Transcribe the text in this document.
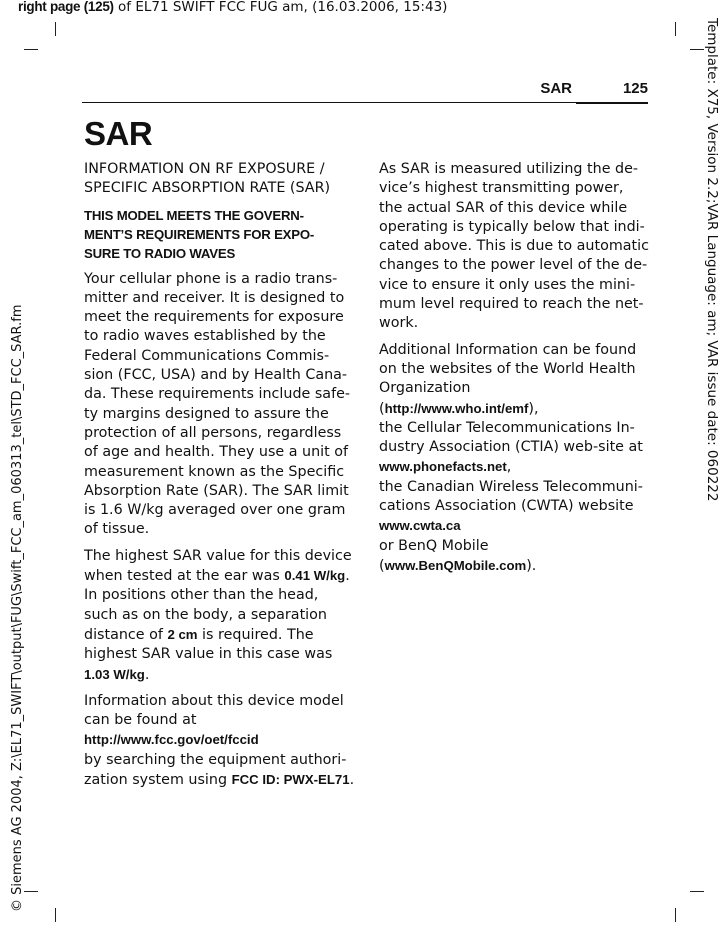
right page (125) of EL71 SWIFT FCC FUG am, (16.03.2006, 15:43)
© Siemens AG 2004, Z:\EL71_SWIFT\output\FUG\Swift_FCC_am_060313_tel\STD_FCC_SAR.fm
Template: X75, Version 2.2;VAR Language: am; VAR issue date: 060222
SAR	125
SAR

INFORMATION ON RF EXPOSURE /
SPECIFIC ABSORPTION RATE (SAR)

THIS MODEL MEETS THE GOVERN-
MENT’S REQUIREMENTS FOR EXPO-
SURE TO RADIO WAVES

Your cellular phone is a radio trans-
mitter and receiver. It is designed to
meet the requirements for exposure
to radio waves established by the
Federal Communications Commis-
sion (FCC, USA) and by Health Cana-
da. These requirements include safe-
ty margins designed to assure the
protection of all persons, regardless
of age and health. They use a unit of
measurement known as the Specific
Absorption Rate (SAR). The SAR limit
is 1.6 W/kg averaged over one gram
of tissue.

The highest SAR value for this device
when tested at the ear was 0.41 W/kg.
In positions other than the head,
such as on the body, a separation
distance of 2 cm is required. The
highest SAR value in this case was
1.03 W/kg.

Information about this device model
can be found at
http://www.fcc.gov/oet/fccid
by searching the equipment authori-
zation system using FCC ID: PWX-EL71.

As SAR is measured utilizing the de-
vice’s highest transmitting power,
the actual SAR of this device while
operating is typically below that indi-
cated above. This is due to automatic
changes to the power level of the de-
vice to ensure it only uses the mini-
mum level required to reach the net-
work.

Additional Information can be found
on the websites of the World Health
Organization
(http://www.who.int/emf),
the Cellular Telecommunications In-
dustry Association (CTIA) web-site at
www.phonefacts.net,
the Canadian Wireless Telecommuni-
cations Association (CWTA) website
www.cwta.ca
or BenQ Mobile
(www.BenQMobile.com).
